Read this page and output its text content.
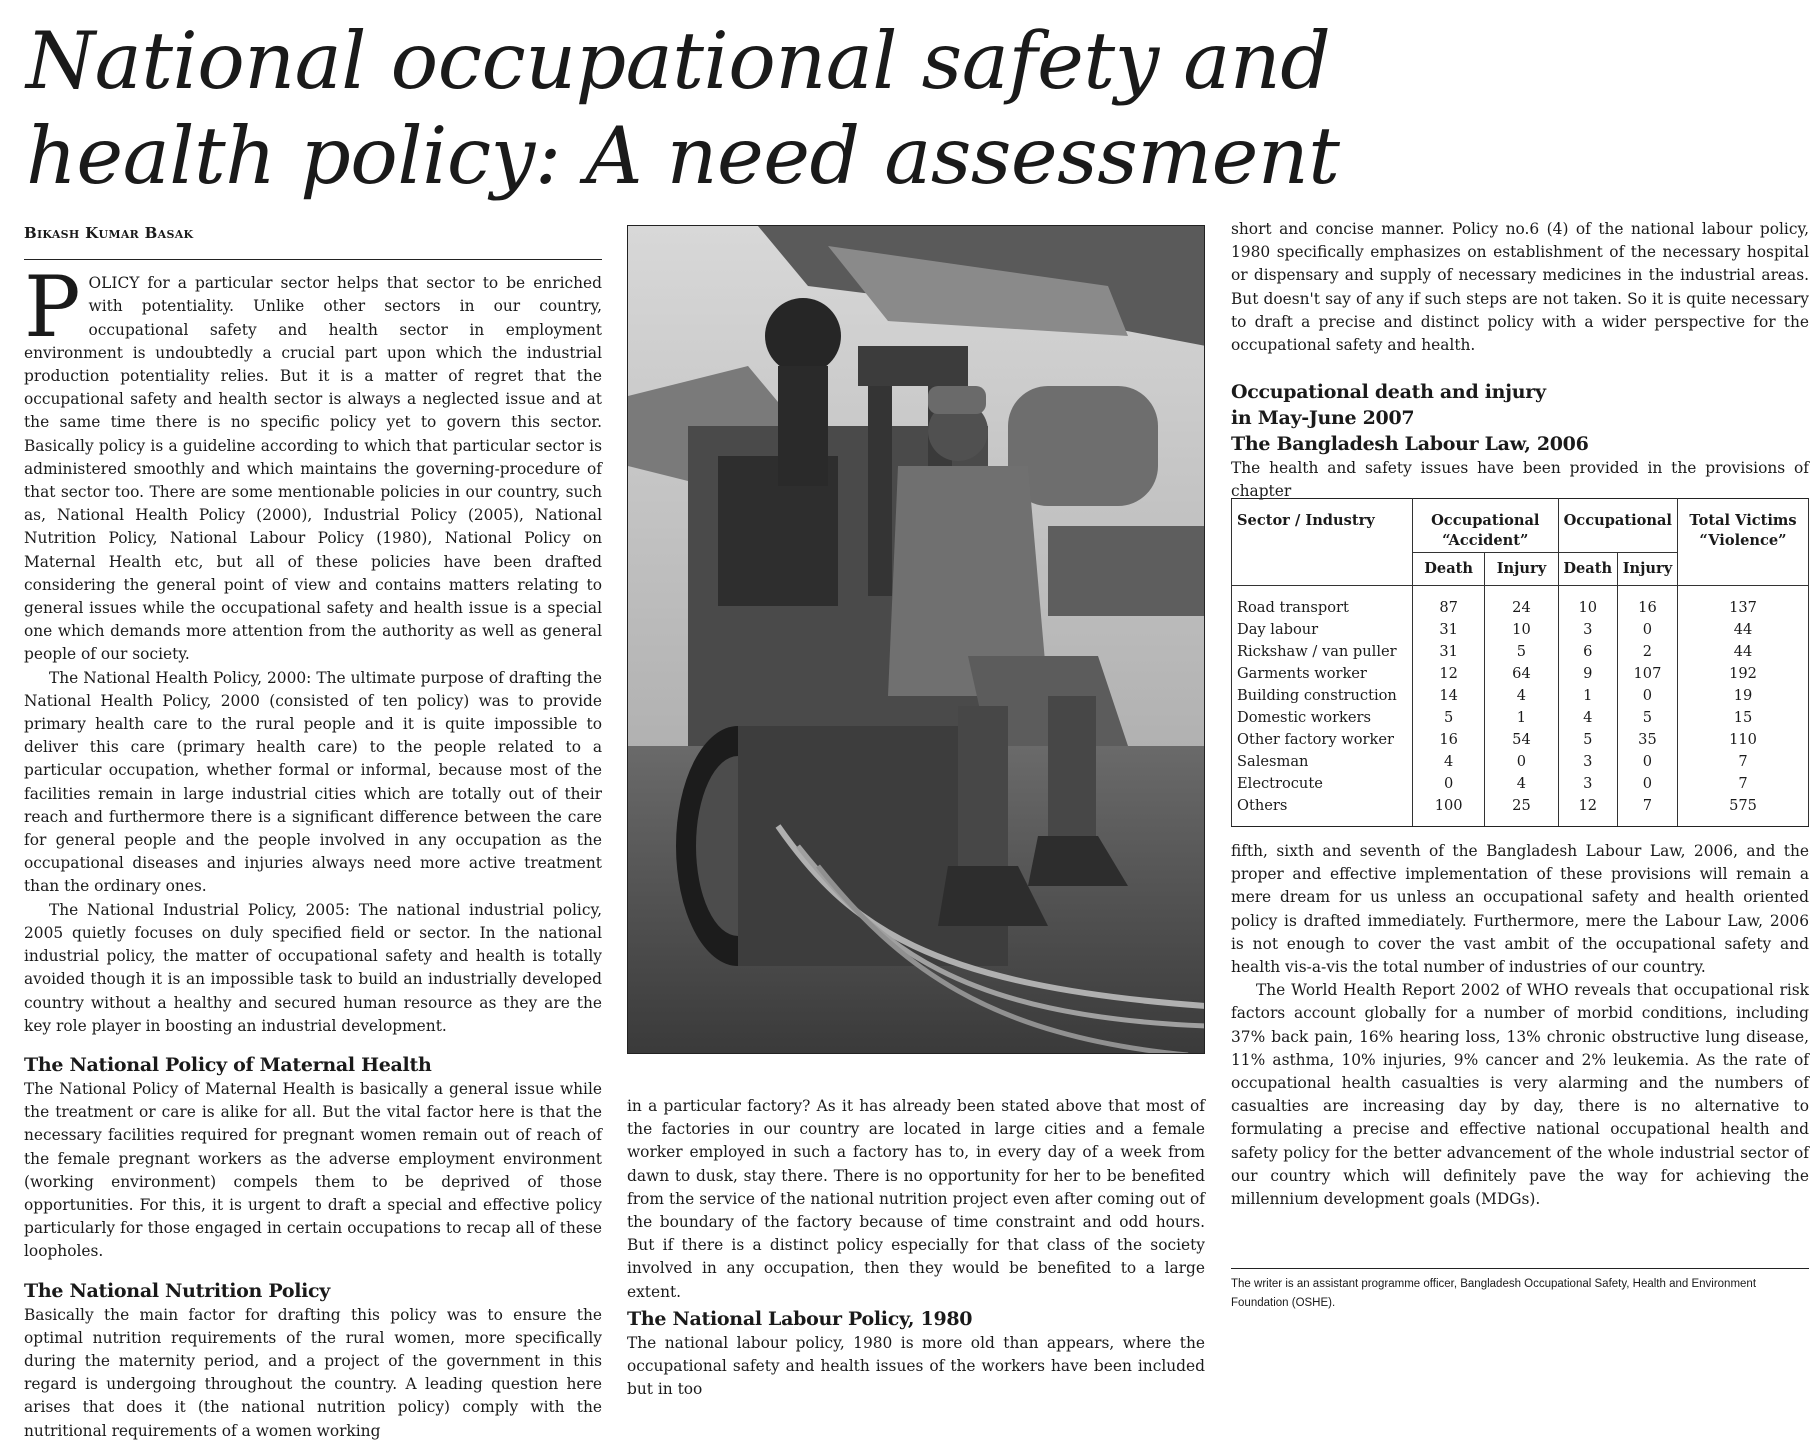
National occupational safety and health policy: A need assessment
Bikash Kumar Basak

POLICY for a particular sector helps that sector to be enriched with potentiality. Unlike other sectors in our country, occupational safety and health sector in employment environment is undoubtedly a crucial part upon which the industrial production potentiality relies. But it is a matter of regret that the occupational safety and health sector is always a neglected issue and at the same time there is no specific policy yet to govern this sector. Basically policy is a guideline according to which that particular sector is administered smoothly and which maintains the governing-procedure of that sector too. There are some mentionable policies in our country, such as, National Health Policy (2000), Industrial Policy (2005), National Nutrition Policy, National Labour Policy (1980), National Policy on Maternal Health etc, but all of these policies have been drafted considering the general point of view and contains matters relating to general issues while the occupational safety and health issue is a special one which demands more attention from the authority as well as general people of our society.

The National Health Policy, 2000: The ultimate purpose of drafting the National Health Policy, 2000 (consisted of ten policy) was to provide primary health care to the rural people and it is quite impossible to deliver this care (primary health care) to the people related to a particular occupation, whether formal or informal, because most of the facilities remain in large industrial cities which are totally out of their reach and furthermore there is a significant difference between the care for general people and the people involved in any occupation as the occupational diseases and injuries always need more active treatment than the ordinary ones.

The National Industrial Policy, 2005: The national industrial policy, 2005 quietly focuses on duly specified field or sector. In the national industrial policy, the matter of occupational safety and health is totally avoided though it is an impossible task to build an industrially developed country without a healthy and secured human resource as they are the key role player in boosting an industrial development.

The National Policy of Maternal Health

The National Policy of Maternal Health is basically a general issue while the treatment or care is alike for all. But the vital factor here is that the necessary facilities required for pregnant women remain out of reach of the female pregnant workers as the adverse employment environment (working environment) compels them to be deprived of those opportunities. For this, it is urgent to draft a special and effective policy particularly for those engaged in certain occupations to recap all of these loopholes.

The National Nutrition Policy

Basically the main factor for drafting this policy was to ensure the optimal nutrition requirements of the rural women, more specifically during the maternity period, and a project of the government in this regard is undergoing throughout the country. A leading question here arises that does it (the national nutrition policy) comply with the nutritional requirements of a women working

in a particular factory? As it has already been stated above that most of the factories in our country are located in large cities and a female worker employed in such a factory has to, in every day of a week from dawn to dusk, stay there. There is no opportunity for her to be benefited from the service of the national nutrition project even after coming out of the boundary of the factory because of time constraint and odd hours. But if there is a distinct policy especially for that class of the society involved in any occupation, then they would be benefited to a large extent.

The National Labour Policy, 1980

The national labour policy, 1980 is more old than appears, where the occupational safety and health issues of the workers have been included but in too

short and concise manner. Policy no.6 (4) of the national labour policy, 1980 specifically emphasizes on establishment of the necessary hospital or dispensary and supply of necessary medicines in the industrial areas. But doesn't say of any if such steps are not taken. So it is quite necessary to draft a precise and distinct policy with a wider perspective for the occupational safety and health.

Occupational death and injury
in May-June 2007
The Bangladesh Labour Law, 2006

The health and safety issues have been provided in the provisions of chapter

Sector / Industry	Occupational “Accident”		Occupational		Total Victims “Violence”
	Death	Injury	Death	Injury	
Road transport	87	24	10	16	137
Day labour	31	10	3	0	44
Rickshaw / van puller	31	5	6	2	44
Garments worker	12	64	9	107	192
Building construction	14	4	1	0	19
Domestic workers	5	1	4	5	15
Other factory worker	16	54	5	35	110
Salesman	4	0	3	0	7
Electrocute	0	4	3	0	7
Others	100	25	12	7	575

fifth, sixth and seventh of the Bangladesh Labour Law, 2006, and the proper and effective implementation of these provisions will remain a mere dream for us unless an occupational safety and health oriented policy is drafted immediately. Furthermore, mere the Labour Law, 2006 is not enough to cover the vast ambit of the occupational safety and health vis-a-vis the total number of industries of our country.

The World Health Report 2002 of WHO reveals that occupational risk factors account globally for a number of morbid conditions, including 37% back pain, 16% hearing loss, 13% chronic obstructive lung disease, 11% asthma, 10% injuries, 9% cancer and 2% leukemia. As the rate of occupational health casualties is very alarming and the numbers of casualties are increasing day by day, there is no alternative to formulating a precise and effective national occupational health and safety policy for the better advancement of the whole industrial sector of our country which will definitely pave the way for achieving the millennium development goals (MDGs).

The writer is an assistant programme officer, Bangladesh Occupational Safety, Health and Environment Foundation (OSHE).
